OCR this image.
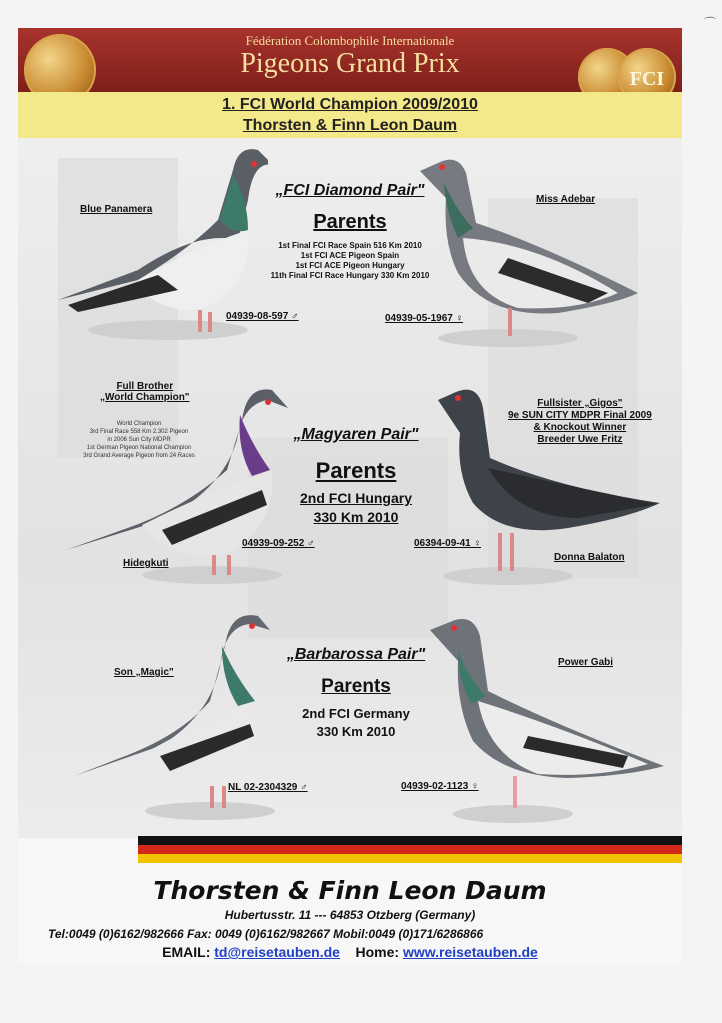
⌒
Fédération Colombophile Internationale
Pigeons Grand Prix	FCI
1. FCI World Champion 2009/2010
Thorsten & Finn Leon Daum
Blue Panamera
04939-08-597 ♂
„FCI Diamond Pair"
Parents
1st Final FCI Race Spain 516 Km 2010
1st FCI ACE Pigeon Spain
1st FCI ACE Pigeon Hungary
11th Final FCI Race Hungary 330 Km 2010
Miss Adebar
04939-05-1967 ♀
Full Brother
„World Champion"
World Champion
3rd Final Race 558 Km 2.302 Pigeon
in 2006 Sun City MDPR
1st German Pigeon National Champion
3rd Grand Average Pigeon from 24 Races
Hidegkuti
04939-09-252 ♂
„Magyaren Pair"
Parents
2nd FCI Hungary
330 Km 2010
Fullsister „Gigos"
9e SUN CITY MDPR Final 2009
& Knockout Winner
Breeder Uwe Fritz
Donna Balaton
06394-09-41 ♀
Son „Magic"
NL 02-2304329 ♂
„Barbarossa Pair"
Parents
2nd FCI Germany
330 Km 2010
Power Gabi
04939-02-1123 ♀
Thorsten & Finn Leon Daum
Hubertusstr. 11 --- 64853 Otzberg (Germany)
Tel:0049 (0)6162/982666 Fax: 0049 (0)6162/982667 Mobil:0049 (0)171/6286866
EMAIL: td@reisetauben.de Home: www.reisetauben.de
